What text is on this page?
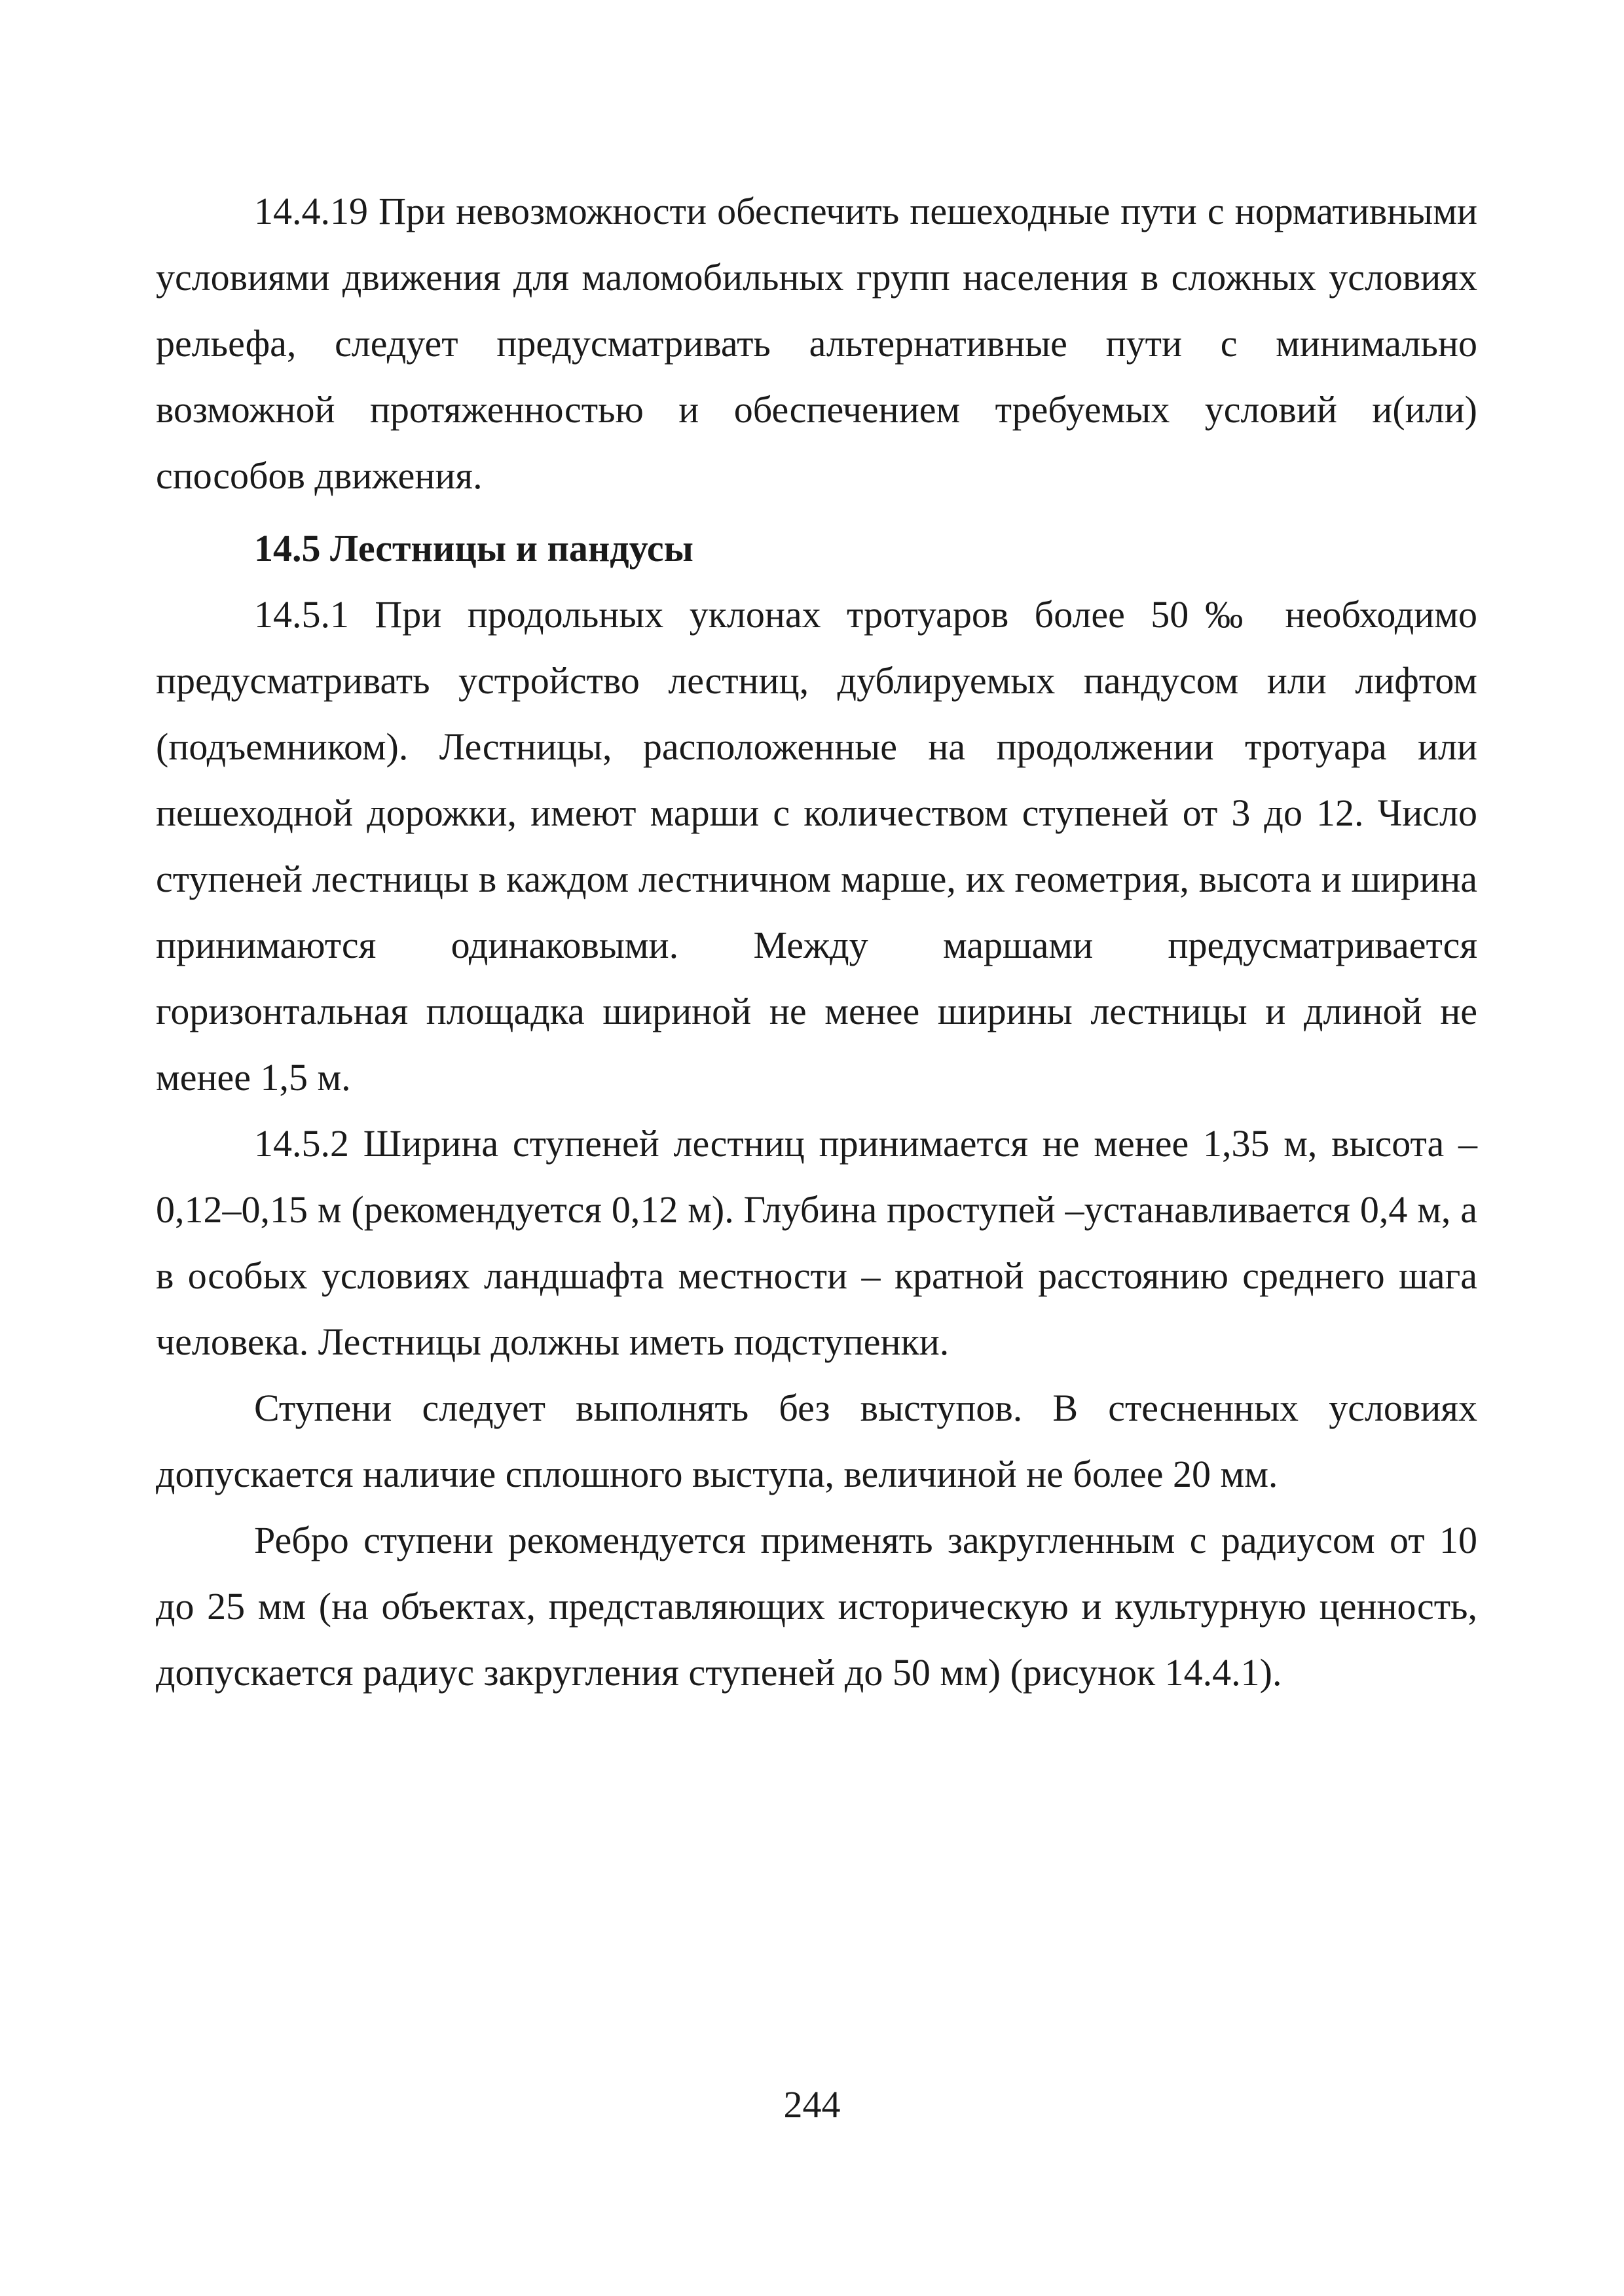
14.4.19 При невозможности обеспечить пешеходные пути с нормативными условиями движения для маломобильных групп населения в сложных условиях рельефа, следует предусматривать альтернативные пути с минимально возможной протяженностью и обеспечением требуемых условий и(или) способов движения.

14.5 Лестницы и пандусы

14.5.1 При продольных уклонах тротуаров более 50‰ необходимо предусматривать устройство лестниц, дублируемых пандусом или лифтом (подъемником). Лестницы, расположенные на продолжении тротуара или пешеходной дорожки, имеют марши с количеством ступеней от 3 до 12. Число ступеней лестницы в каждом лестничном марше, их геометрия, высота и ширина принимаются одинаковыми. Между маршами предусматривается горизонтальная площадка шириной не менее ширины лестницы и длиной не менее 1,5 м.

14.5.2 Ширина ступеней лестниц принимается не менее 1,35 м, высота – 0,12–0,15 м (рекомендуется 0,12 м). Глубина проступей –устанавливается 0,4 м, а в особых условиях ландшафта местности – кратной расстоянию среднего шага человека. Лестницы должны иметь подступенки.

Ступени следует выполнять без выступов. В стесненных условиях допускается наличие сплошного выступа, величиной не более 20 мм.

Ребро ступени рекомендуется применять закругленным с радиусом от 10 до 25 мм (на объектах, представляющих историческую и культурную ценность, допускается радиус закругления ступеней до 50 мм) (рисунок 14.4.1).

244
